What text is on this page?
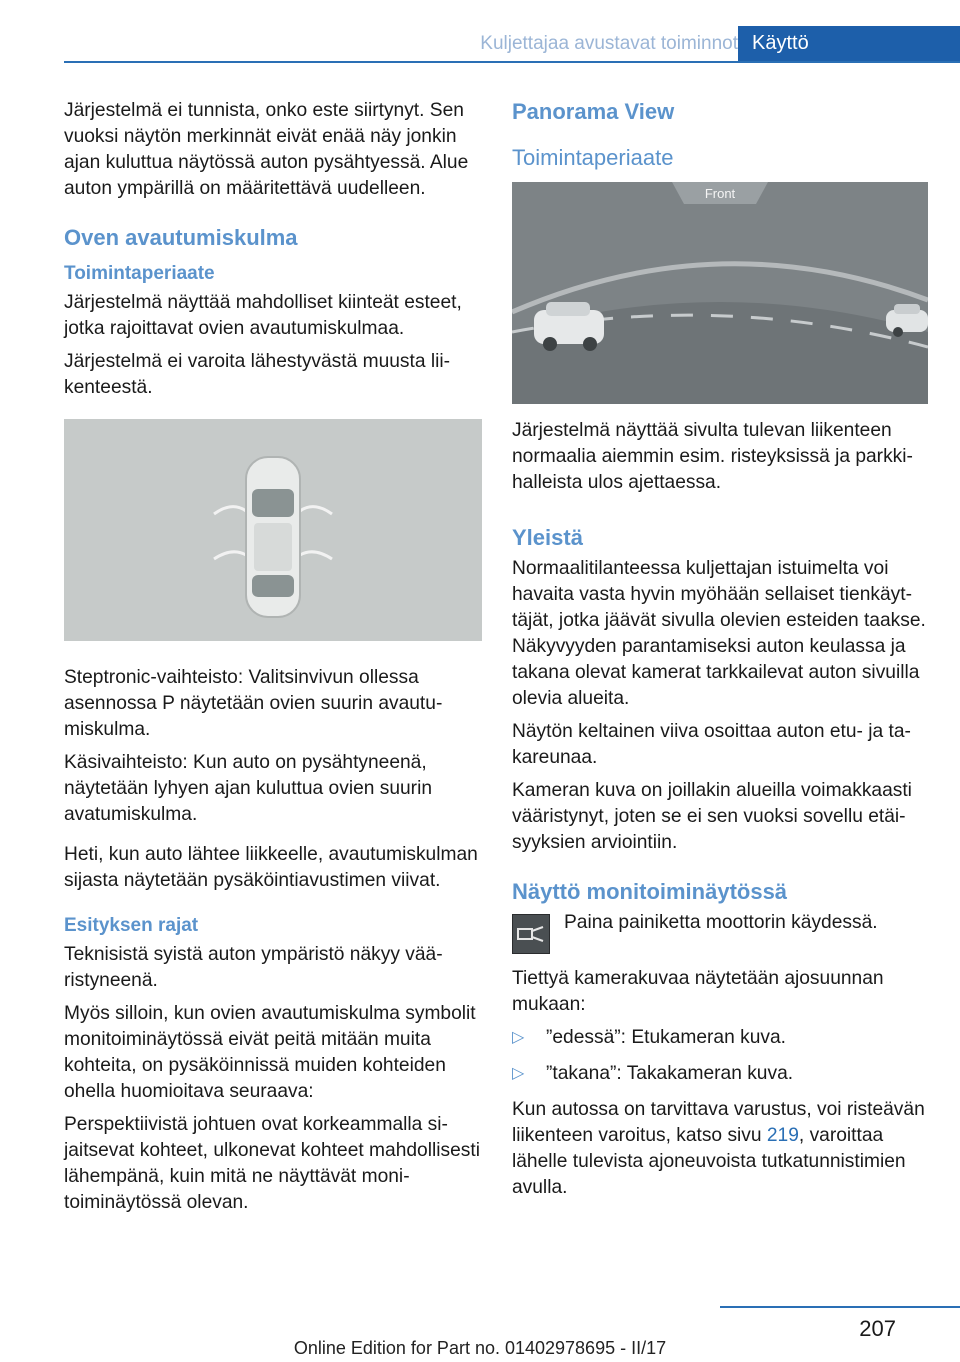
Kuljettajaa avustavat toiminnot Käyttö

Järjestelmä ei tunnista, onko este siirtynyt. Sen vuoksi näytön merkinnät eivät enää näy jonkin ajan kuluttua näytössä auton pysähtyessä. Alue auton ympärillä on määritettävä uudelleen.

Oven avautumiskulma
Toimintaperiaate

Järjestelmä näyttää mahdolliset kiinteät esteet, jotka rajoittavat ovien avautumiskulmaa.

Järjestelmä ei varoita lähestyvästä muusta liikenteestä.

Steptronic-vaihteisto: Valitsinvivun ollessa asennossa P näytetään ovien suurin avautumiskulma.

Käsivaihteisto: Kun auto on pysähtyneenä, näytetään lyhyen ajan kuluttua ovien suurin avatumiskulma.

Heti, kun auto lähtee liikkeelle, avautumiskulman sijasta näytetään pysäköintiavustimen viivat.

Esityksen rajat

Teknisistä syistä auton ympäristö näkyy vääristyneenä.

Myös silloin, kun ovien avautumiskulma symbolit monitoiminäytössä eivät peitä mitään muita kohteita, on pysäköinnissä muiden kohteiden ohella huomioitava seuraava:

Perspektiivistä johtuen ovat korkeammalla sijaitsevat kohteet, ulkonevat kohteet mahdollisesti lähempänä, kuin mitä ne näyttävät monitoiminäytössä olevan.

Panorama View
Toimintaperiaate
Front

Järjestelmä näyttää sivulta tulevan liikenteen normaalia aiemmin esim. risteyksissä ja parkkihalleista ulos ajettaessa.

Yleistä

Normaalitilanteessa kuljettajan istuimelta voi havaita vasta hyvin myöhään sellaiset tienkäyttäjät, jotka jäävät sivulla olevien esteiden taakse. Näkyvyyden parantamiseksi auton keulassa ja takana olevat kamerat tarkkailevat auton sivuilla olevia alueita.

Näytön keltainen viiva osoittaa auton etu- ja takareunaa.

Kameran kuva on joillakin alueilla voimakkaasti vääristynyt, joten se ei sen vuoksi sovellu etäisyyksien arviointiin.

Näyttö monitoiminäytössä
Paina painiketta moottorin käydessä.

Tiettyä kamerakuvaa näytetään ajosuunnan mukaan:

▷ ”edessä”: Etukameran kuva.
▷ ”takana”: Takakameran kuva.

Kun autossa on tarvittava varustus, voi risteävän liikenteen varoitus, katso sivu 219, varoittaa lähelle tulevista ajoneuvoista tutkatunnistimien avulla.

207
Online Edition for Part no. 01402978695 - II/17
